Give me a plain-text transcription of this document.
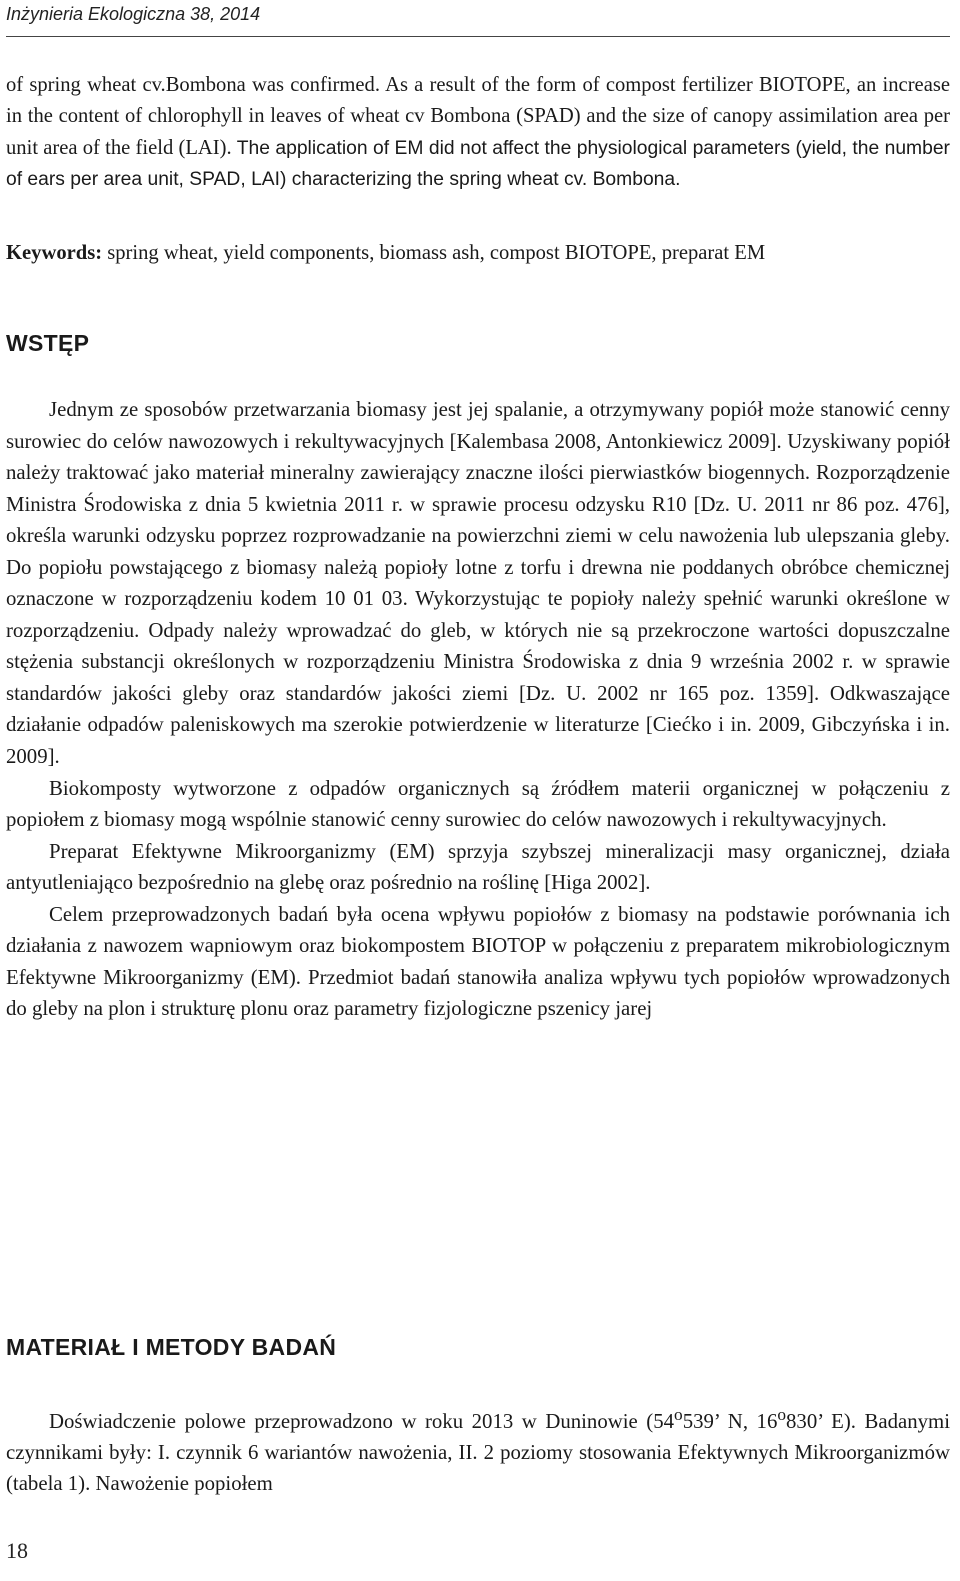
Inżynieria Ekologiczna 38, 2014
of spring wheat cv.Bombona was confirmed. As a result of the form of compost fertilizer BIOTOPE, an increase in the content of chlorophyll in leaves of wheat cv Bombona (SPAD) and the size of canopy assimilation area per unit area of the field (LAI). The application of EM did not affect the physiological parameters (yield, the number of ears per area unit, SPAD, LAI) characterizing the spring wheat cv. Bombona.
Keywords: spring wheat, yield components, biomass ash, compost BIOTOPE, preparat EM
WSTĘP

Jednym ze sposobów przetwarzania biomasy jest jej spalanie, a otrzymywany popiół może stanowić cenny surowiec do celów nawozowych i rekultywacyjnych [Kalembasa 2008, Antonkiewicz 2009]. Uzyskiwany popiół należy traktować jako materiał mineralny zawierający znaczne ilości pierwiastków biogennych. Rozporządzenie Ministra Środowiska z dnia 5 kwietnia 2011 r. w sprawie procesu odzysku R10 [Dz. U. 2011 nr 86 poz. 476], określa warunki odzysku poprzez rozprowadzanie na powierzchni ziemi w celu nawożenia lub ulepszania gleby. Do popiołu powstającego z biomasy należą popioły lotne z torfu i drewna nie poddanych obróbce chemicznej oznaczone w rozporządzeniu kodem 10 01 03. Wykorzystując te popioły należy spełnić warunki określone w rozporządzeniu. Odpady należy wprowadzać do gleb, w których nie są przekroczone wartości dopuszczalne stężenia substancji określonych w rozporządzeniu Ministra Środowiska z dnia 9 września 2002 r. w sprawie standardów jakości gleby oraz standardów jakości ziemi [Dz. U. 2002 nr 165 poz. 1359]. Odkwaszające działanie odpadów paleniskowych ma szerokie potwierdzenie w literaturze [Ciećko i in. 2009, Gibczyńska i in. 2009].

Biokomposty wytworzone z odpadów organicznych są źródłem materii organicznej w połączeniu z popiołem z biomasy mogą wspólnie stanowić cenny surowiec do celów nawozowych i rekultywacyjnych.

Preparat Efektywne Mikroorganizmy (EM) sprzyja szybszej mineralizacji masy organicznej, działa antyutleniająco bezpośrednio na glebę oraz pośrednio na roślinę [Higa 2002].

Celem przeprowadzonych badań była ocena wpływu popiołów z biomasy na podstawie porównania ich działania z nawozem wapniowym oraz biokompostem BIOTOP w połączeniu z preparatem mikrobiologicznym Efektywne Mikroorganizmy (EM). Przedmiot badań stanowiła analiza wpływu tych popiołów wprowadzonych do gleby na plon i strukturę plonu oraz parametry fizjologiczne pszenicy jarej

MATERIAŁ I METODY BADAŃ
Doświadczenie polowe przeprowadzono w roku 2013 w Duninowie (54$^o$539’ N, 16$^o$830’ E). Badanymi czynnikami były: I. czynnik 6 wariantów nawożenia, II. 2 poziomy stosowania Efektywnych Mikroorganizmów (tabela 1). Nawożenie popiołem
18
